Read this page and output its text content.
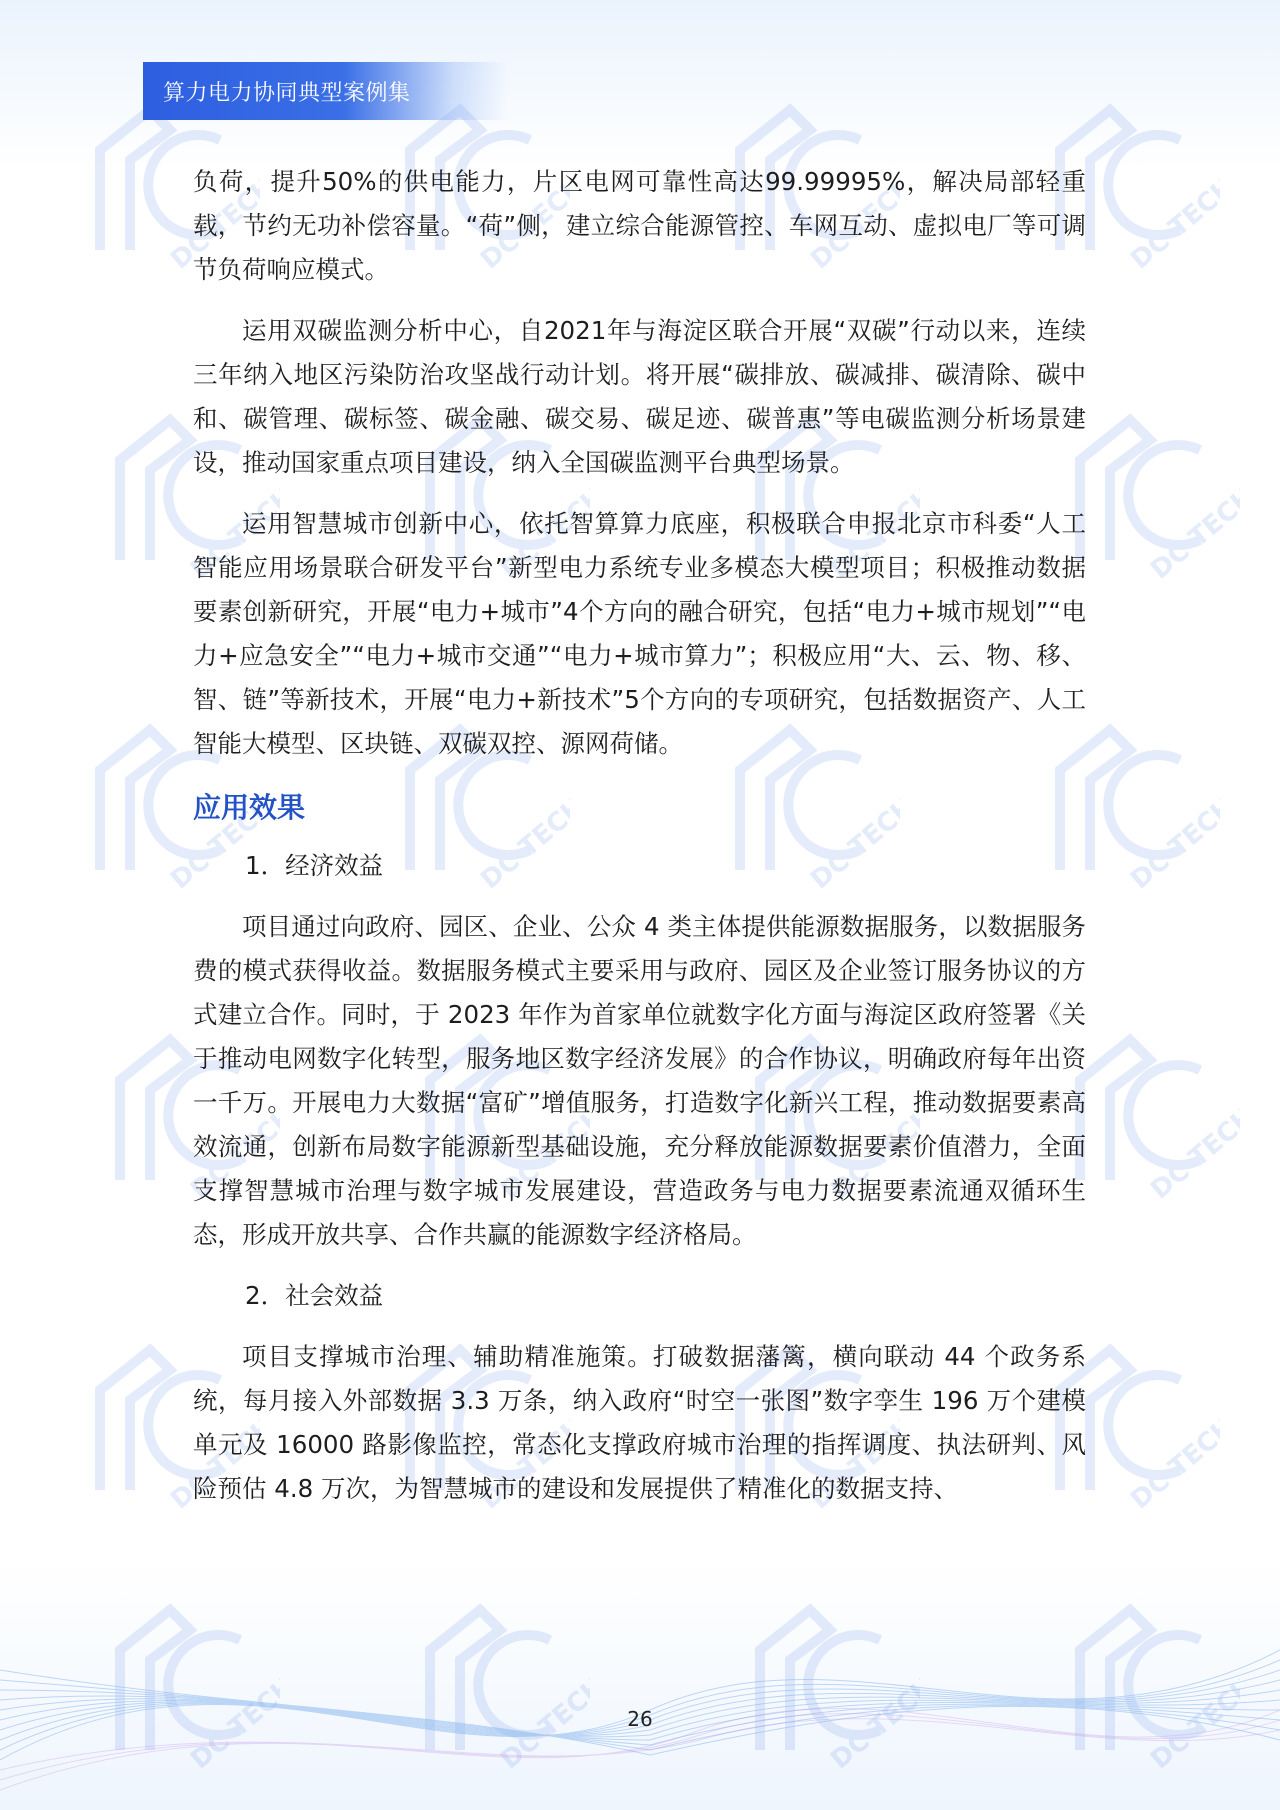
DC TECH
DC TECH
DC TECH
DC TECH
DC TECH
DC TECH
DC TECH
DC TECH
DC TECH
DC TECH
DC TECH
DC TECH
DC TECH
DC TECH
DC TECH
DC TECH
DC TECH
DC TECH
DC TECH
DC TECH
DC TECH
DC TECH
DC TECH
DC TECH
算力电力协同典型案例集

负荷，提升50%的供电能力，片区电网可靠性高达99.99995%，解决局部轻重载，节约无功补偿容量。“荷”侧，建立综合能源管控、车网互动、虚拟电厂等可调节负荷响应模式。

运用双碳监测分析中心，自2021年与海淀区联合开展“双碳”行动以来，连续三年纳入地区污染防治攻坚战行动计划。将开展“碳排放、碳减排、碳清除、碳中和、碳管理、碳标签、碳金融、碳交易、碳足迹、碳普惠”等电碳监测分析场景建设，推动国家重点项目建设，纳入全国碳监测平台典型场景。

运用智慧城市创新中心，依托智算算力底座，积极联合申报北京市科委“人工智能应用场景联合研发平台”新型电力系统专业多模态大模型项目；积极推动数据要素创新研究，开展“电力+城市”4个方向的融合研究，包括“电力+城市规划”“电力+应急安全”“电力+城市交通”“电力+城市算力”；积极应用“大、云、物、移、智、链”等新技术，开展“电力+新技术”5个方向的专项研究，包括数据资产、人工智能大模型、区块链、双碳双控、源网荷储。

应用效果
1．经济效益

项目通过向政府、园区、企业、公众 4 类主体提供能源数据服务，以数据服务费的模式获得收益。数据服务模式主要采用与政府、园区及企业签订服务协议的方式建立合作。同时，于 2023 年作为首家单位就数字化方面与海淀区政府签署《关于推动电网数字化转型，服务地区数字经济发展》的合作协议，明确政府每年出资一千万。开展电力大数据“富矿”增值服务，打造数字化新兴工程，推动数据要素高效流通，创新布局数字能源新型基础设施，充分释放能源数据要素价值潜力，全面支撑智慧城市治理与数字城市发展建设，营造政务与电力数据要素流通双循环生态，形成开放共享、合作共赢的能源数字经济格局。

2．社会效益

项目支撑城市治理、辅助精准施策。打破数据藩篱，横向联动 44 个政务系统，每月接入外部数据 3.3 万条，纳入政府“时空一张图”数字孪生 196 万个建模单元及 16000 路影像监控，常态化支撑政府城市治理的指挥调度、执法研判、风险预估 4.8 万次，为智慧城市的建设和发展提供了精准化的数据支持、

26
